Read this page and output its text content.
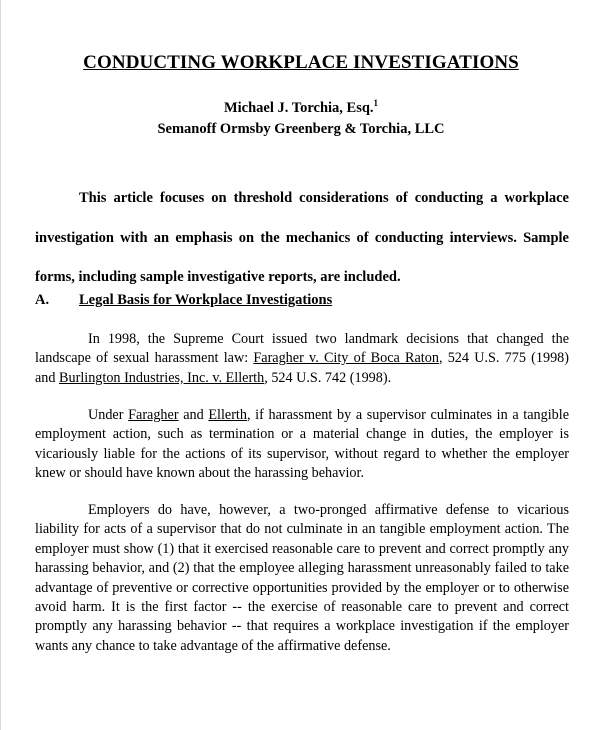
CONDUCTING WORKPLACE INVESTIGATIONS
Michael J. Torchia, Esq.$^1$
Semanoff Ormsby Greenberg & Torchia, LLC

This article focuses on threshold considerations of conducting a workplace investigation with an emphasis on the mechanics of conducting interviews. Sample forms, including sample investigative reports, are included.

A. Legal Basis for Workplace Investigations

In 1998, the Supreme Court issued two landmark decisions that changed the landscape of sexual harassment law: Faragher v. City of Boca Raton, 524 U.S. 775 (1998) and Burlington Industries, Inc. v. Ellerth, 524 U.S. 742 (1998).

Under Faragher and Ellerth, if harassment by a supervisor culminates in a tangible employment action, such as termination or a material change in duties, the employer is vicariously liable for the actions of its supervisor, without regard to whether the employer knew or should have known about the harassing behavior.

Employers do have, however, a two-pronged affirmative defense to vicarious liability for acts of a supervisor that do not culminate in an tangible employment action. The employer must show (1) that it exercised reasonable care to prevent and correct promptly any harassing behavior, and (2) that the employee alleging harassment unreasonably failed to take advantage of preventive or corrective opportunities provided by the employer or to otherwise avoid harm. It is the first factor -- the exercise of reasonable care to prevent and correct promptly any harassing behavior -- that requires a workplace investigation if the employer wants any chance to take advantage of the affirmative defense.
